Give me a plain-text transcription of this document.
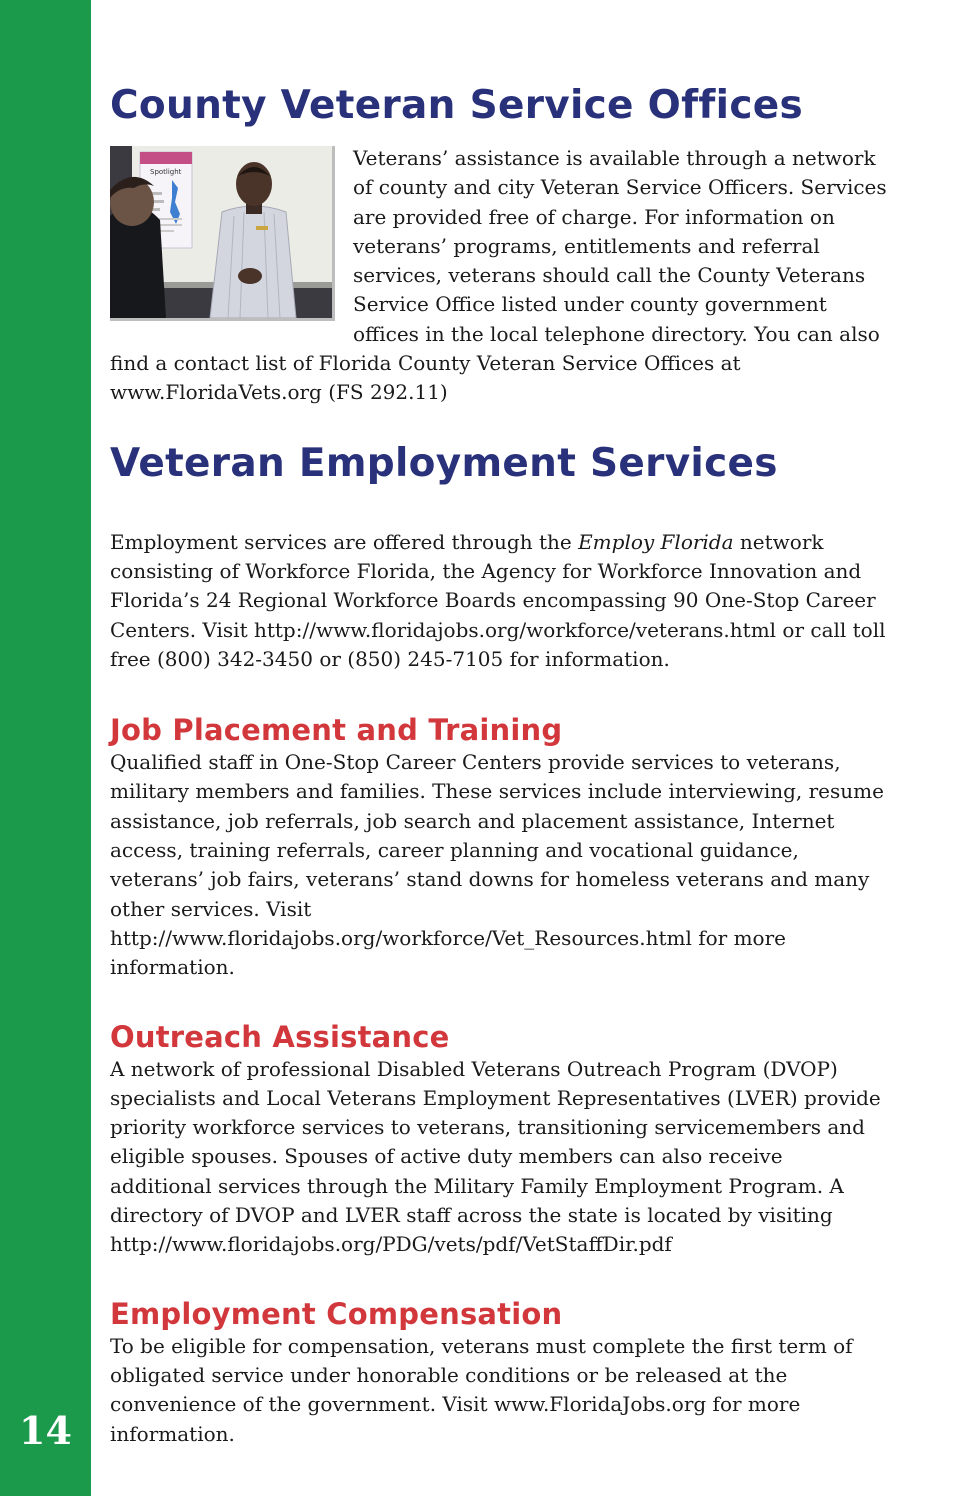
14
County Veteran Service Offices
Spotlight

Veterans’ assistance is available through a network of county and city Veteran Service Officers. Services are provided free of charge. For information on veterans’ programs, entitlements and referral services, veterans should call the County Veterans Service Office listed under county government offices in the local telephone directory. You can also find a contact list of Florida County Veteran Service Offices at www.FloridaVets.org (FS 292.11)

Veteran Employment Services

Employment services are offered through the Employ Florida network consisting of Workforce Florida, the Agency for Workforce Innovation and Florida’s 24 Regional Workforce Boards encompassing 90 One-Stop Career Centers. Visit http://www.floridajobs.org/workforce/veterans.html or call toll free (800) 342-3450 or (850) 245-7105 for information.

Job Placement and Training

Qualified staff in One-Stop Career Centers provide services to veterans, military members and families. These services include interviewing, resume assistance, job referrals, job search and placement assistance, Internet access, training referrals, career planning and vocational guidance, veterans’ job fairs, veterans’ stand downs for homeless veterans and many other services. Visit http://www.floridajobs.org/workforce/Vet_Resources.html for more information.

Outreach Assistance

A network of professional Disabled Veterans Outreach Program (DVOP) specialists and Local Veterans Employment Representatives (LVER) provide priority workforce services to veterans, transitioning servicemembers and eligible spouses. Spouses of active duty members can also receive additional services through the Military Family Employment Program. A directory of DVOP and LVER staff across the state is located by visiting http://www.floridajobs.org/PDG/vets/pdf/VetStaffDir.pdf

Employment Compensation

To be eligible for compensation, veterans must complete the first term of obligated service under honorable conditions or be released at the convenience of the government. Visit www.FloridaJobs.org for more information.
